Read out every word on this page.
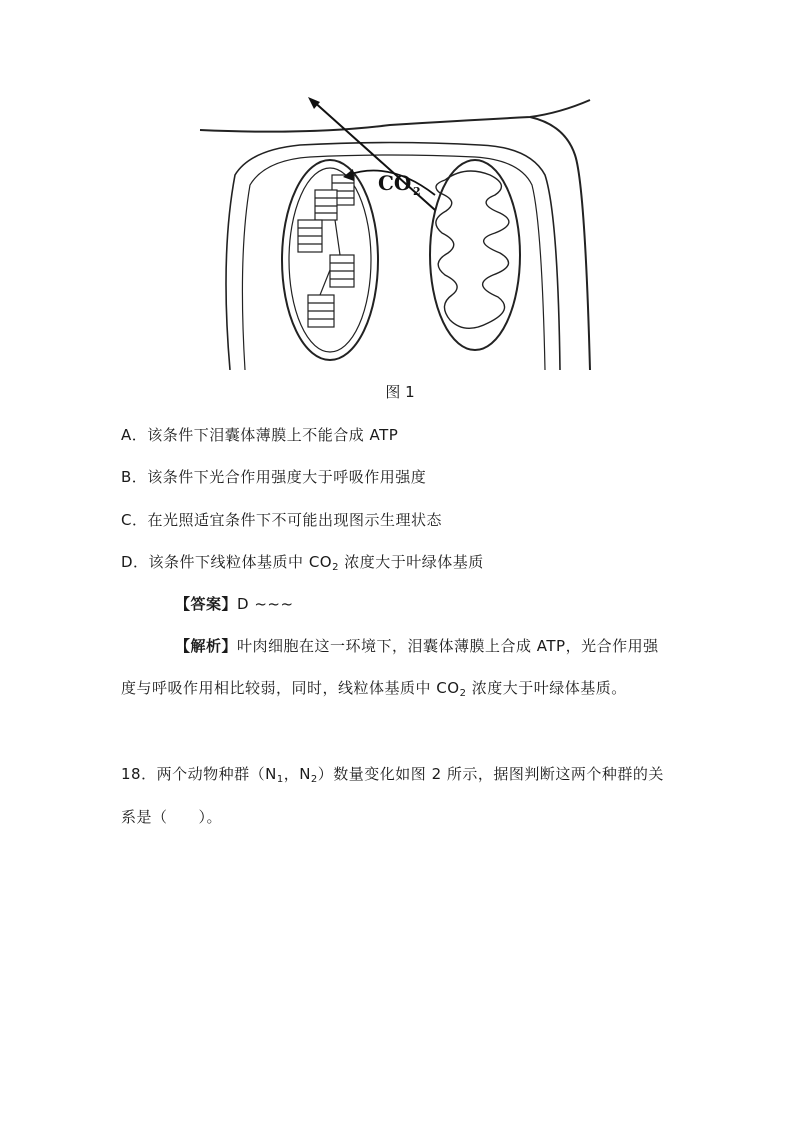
CO 2
图 1
A．该条件下泪囊体薄膜上不能合成 ATP
B．该条件下光合作用强度大于呼吸作用强度
C．在光照适宜条件下不可能出现图示生理状态
D．该条件下线粒体基质中 $CO_2$ 浓度大于叶绿体基质
【答案】D ~~~
【解析】叶肉细胞在这一环境下，泪囊体薄膜上合成 ATP，光合作用强
度与呼吸作用相比较弱，同时，线粒体基质中 $CO_2$ 浓度大于叶绿体基质。
18．两个动物种群（$N_1$，$N_2$）数量变化如图 2 所示，据图判断这两个种群的关
系是（　　）。
